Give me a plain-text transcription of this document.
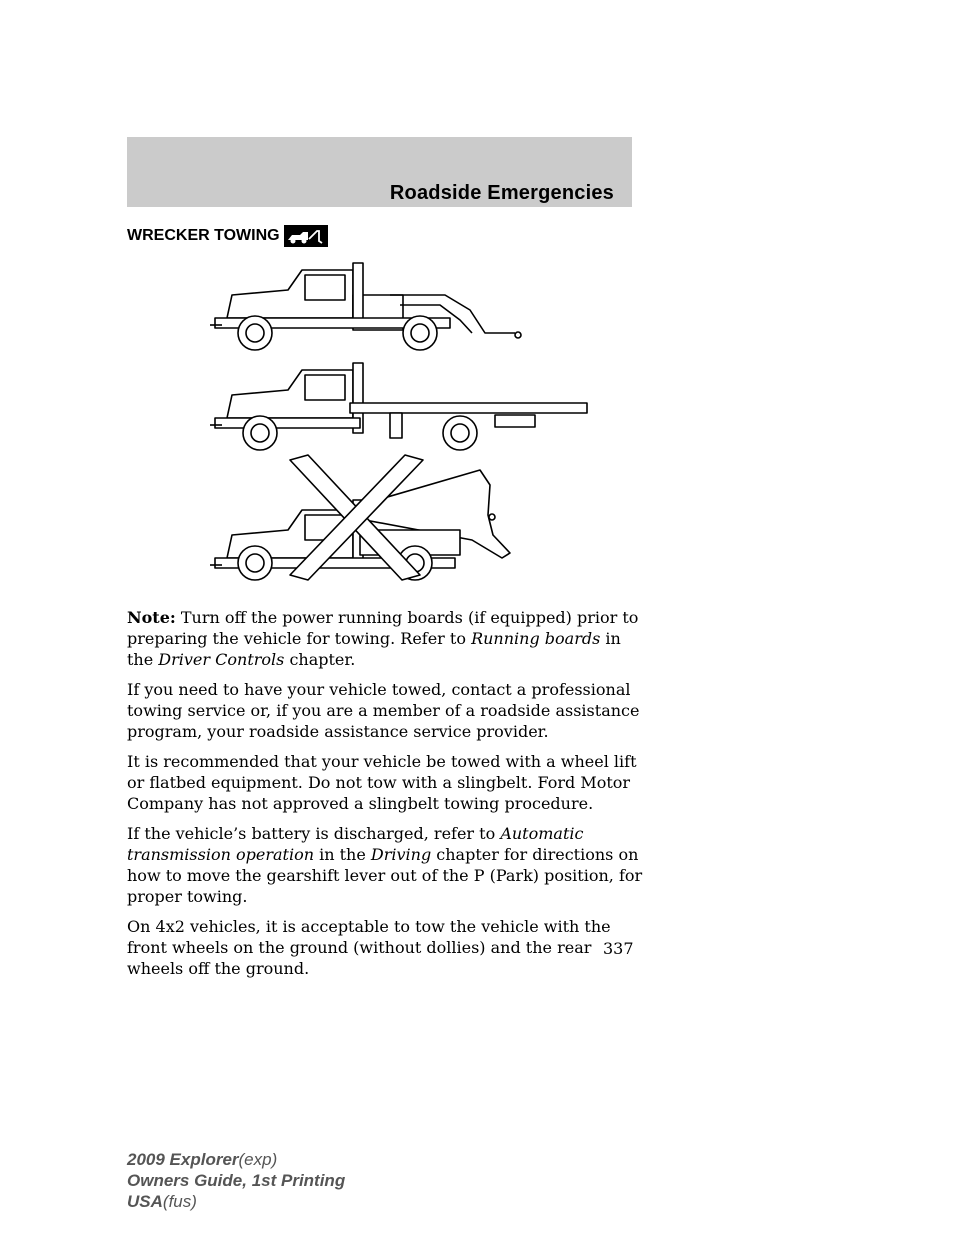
Roadside Emergencies
WRECKER TOWING

Note: Turn off the power running boards (if equipped) prior to preparing the vehicle for towing. Refer to Running boards in the Driver Controls chapter.

If you need to have your vehicle towed, contact a professional towing service or, if you are a member of a roadside assistance program, your roadside assistance service provider.

It is recommended that your vehicle be towed with a wheel lift or flatbed equipment. Do not tow with a slingbelt. Ford Motor Company has not approved a slingbelt towing procedure.

If the vehicle’s battery is discharged, refer to Automatic transmission operation in the Driving chapter for directions on how to move the gearshift lever out of the P (Park) position, for proper towing.

On 4x2 vehicles, it is acceptable to tow the vehicle with the front wheels on the ground (without dollies) and the rear wheels off the ground.

337
2009 Explorer(exp)
Owners Guide, 1st Printing
USA(fus)
